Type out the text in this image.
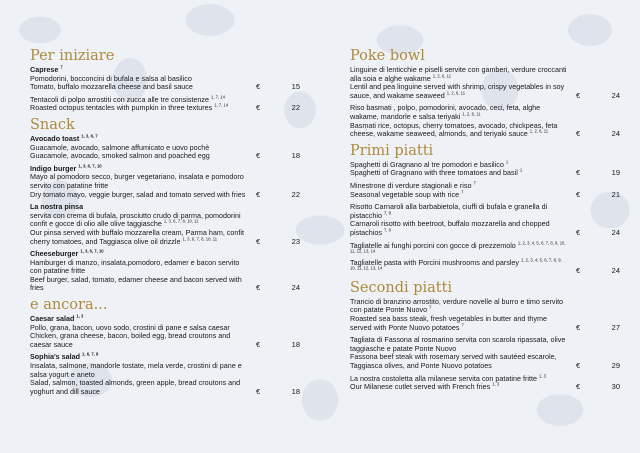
Per iniziare
Caprese $^7$
Pomodorini, bocconcini di bufala e salsa al basilico
Tomato, buffalo mozzarella cheese and basil sauce	€	15
Tentacoli di polpo arrostiti con zucca alle tre consistenze $^{1, 7, 14}$
Roasted octopus tentacles with pumpkin in three textures $^{1, 7, 14}$	€	22
Snack
Avocado toast $^{1, 3, 6, 7}$
Guacamole, avocado, salmone affumicato e uovo pochè
Guacamole, avocado, smoked salmon and poached egg	€	18
Indigo burger $^{1, 3, 6, 7, 10}$
Mayo al pomodoro secco, burger vegetariano, insalata e pomodoro servito con patatine fritte
Dry tomato mayo, veggie burger, salad and tomato served with fries	€	22
La nostra pinsa
servita con crema di bufala, prosciutto crudo di parma, pomodorini confit e gocce di olio alle olive taggiasche $^{1, 3, 6, 7, 8, 10, 11}$
Our pinsa served with buffalo mozzarella cream, Parma ham, confit cherry tomatoes, and Taggiasca olive oil drizzle $^{1, 3, 6, 7, 8, 10, 11}$	€	23
Cheeseburger $^{1, 3, 6, 7, 10}$
Hamburger di manzo, insalata,pomodoro, edamer e bacon servito con patatine fritte
Beef burger, salad, tomato, edamer cheese and bacon served with fries	€	24
e ancora...
Caesar salad $^{1, 3}$
Pollo, grana, bacon, uovo sodo, crostini di pane e salsa caesar
Chicken, grana cheese, bacon, boiled egg, bread croutons and caesar sauce	€	18
Sophia's salad $^{1, 6, 7, 8}$
Insalata, salmone, mandorle tostate, mela verde, crostini di pane e salsa yogurt e aneto
Salad, salmon, toasted almonds, green apple, bread croutons and yoghurt and dill sauce	€	18
Poke bowl
Linguine di lenticchie e piselli servite con gamberi, verdure croccanti alla soia e alghe wakame $^{1, 2, 6, 11}$
Lentil and pea linguine served with shrimp, crispy vegetables in soy sauce, and wakame seaweed $^{1, 2, 6, 11}$	€	24
Riso basmati , polpo, pomodorini, avocado, ceci, feta, alghe wakame, mandorle e salsa teriyaki $^{1, 2, 6, 11}$
Basmati rice, octopus, cherry tomatoes, avocado, chickpeas, feta cheese, wakame seaweed, almonds, and teriyaki sauce $^{1, 2, 6, 11}$	€	24
Primi piatti
Spaghetti di Gragnano al tre pomodori e basilico $^1$
Spaghetti of Gragnano with three tomatoes and basil $^1$	€	19
Minestrone di verdure stagionali e riso $^7$
Seasonal vegetable soup with rice $^7$	€	21
Risotto Carnaroli alla barbabietola, ciuffi di bufala e granella di pistacchio $^{7, 8}$
Carnaroli risotto with beetroot, buffalo mozzarella and chopped pistachios $^{7, 8}$	€	24
Tagliatelle ai funghi porcini con gocce di prezzemolo $^{1, 2, 3, 4, 5, 6, 7, 8, 9, 10, 11, 12, 13, 14}$
Tagliatelle pasta with Porcini mushrooms and parsley $^{1, 2, 3, 4, 5, 6, 7, 8, 9, 10, 11, 12, 13, 14}$	€	24
Secondi piatti
Trancio di branzino arrostito, verdure novelle al burro e timo servito con patate Ponte Nuovo $^7$
Roasted sea bass steak, fresh vegetables in butter and thyme served with Ponte Nuovo potatoes $^7$	€	27
Tagliata di Fassona al rosmarino servita con scarola ripassata, olive taggiasche e patate Ponte Nuovo
Fassona beef steak with rosemary served with sautéed escarole, Taggiasca olives, and Ponte Nuovo potatoes	€	29
La nostra costoletta alla milanese servita con patatine fritte $^{1, 3}$
Our Milanese cutlet served with French fries $^{1, 3}$	€	30
